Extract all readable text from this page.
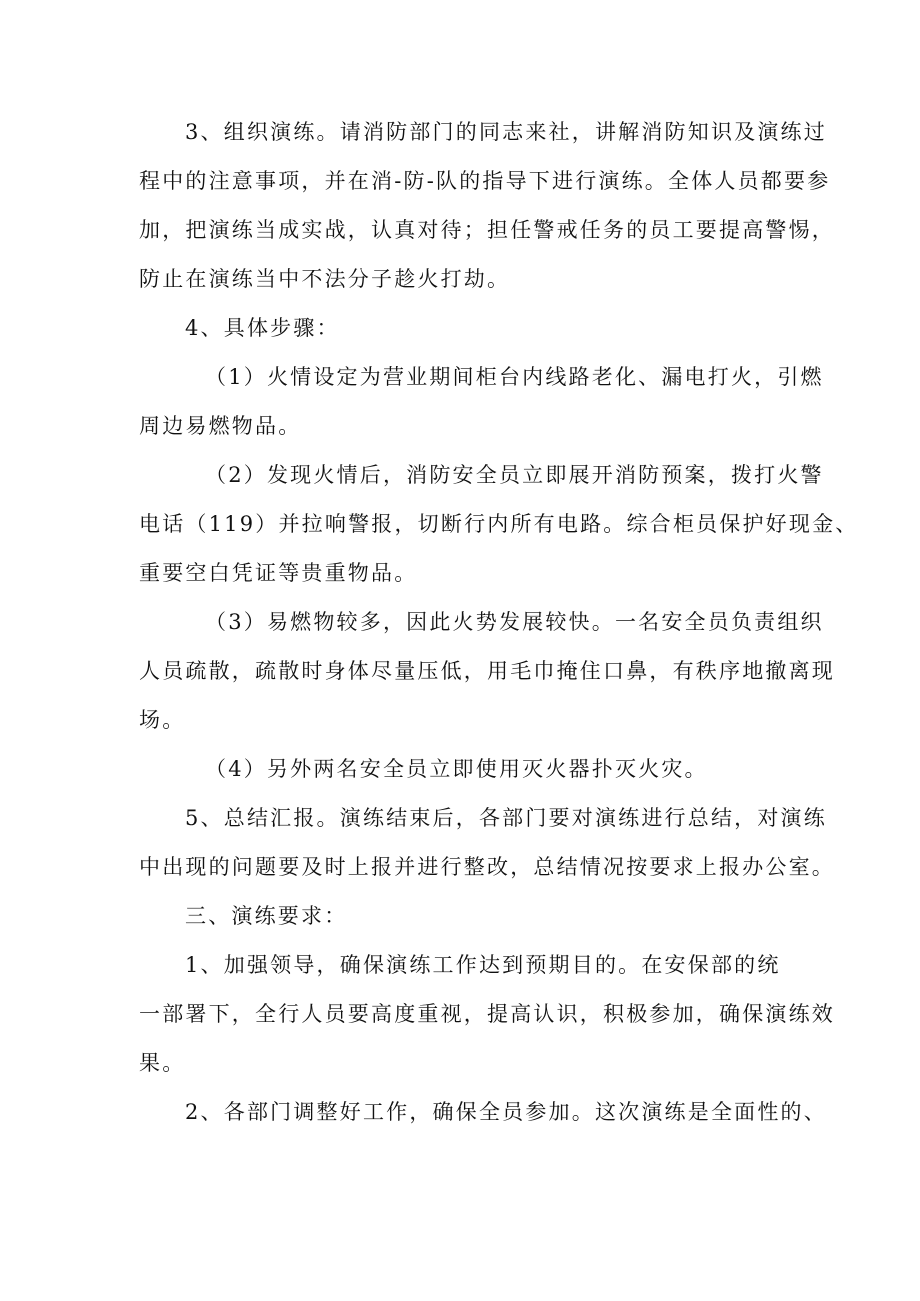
3、组织演练。请消防部门的同志来社，讲解消防知识及演练过
程中的注意事项，并在消-防-队的指导下进行演练。全体人员都要参
加，把演练当成实战，认真对待；担任警戒任务的员工要提高警惕，
防止在演练当中不法分子趁火打劫。
4、具体步骤：
（1）火情设定为营业期间柜台内线路老化、漏电打火，引燃
周边易燃物品。
（2）发现火情后，消防安全员立即展开消防预案，拨打火警
电话（119）并拉响警报，切断行内所有电路。综合柜员保护好现金、
重要空白凭证等贵重物品。
（3）易燃物较多，因此火势发展较快。一名安全员负责组织
人员疏散，疏散时身体尽量压低，用毛巾掩住口鼻，有秩序地撤离现
场。
（4）另外两名安全员立即使用灭火器扑灭火灾。
5、总结汇报。演练结束后，各部门要对演练进行总结，对演练
中出现的问题要及时上报并进行整改，总结情况按要求上报办公室。
三、演练要求：
1、加强领导，确保演练工作达到预期目的。在安保部的统
一部署下，全行人员要高度重视，提高认识，积极参加，确保演练效
果。
2、各部门调整好工作，确保全员参加。这次演练是全面性的、
